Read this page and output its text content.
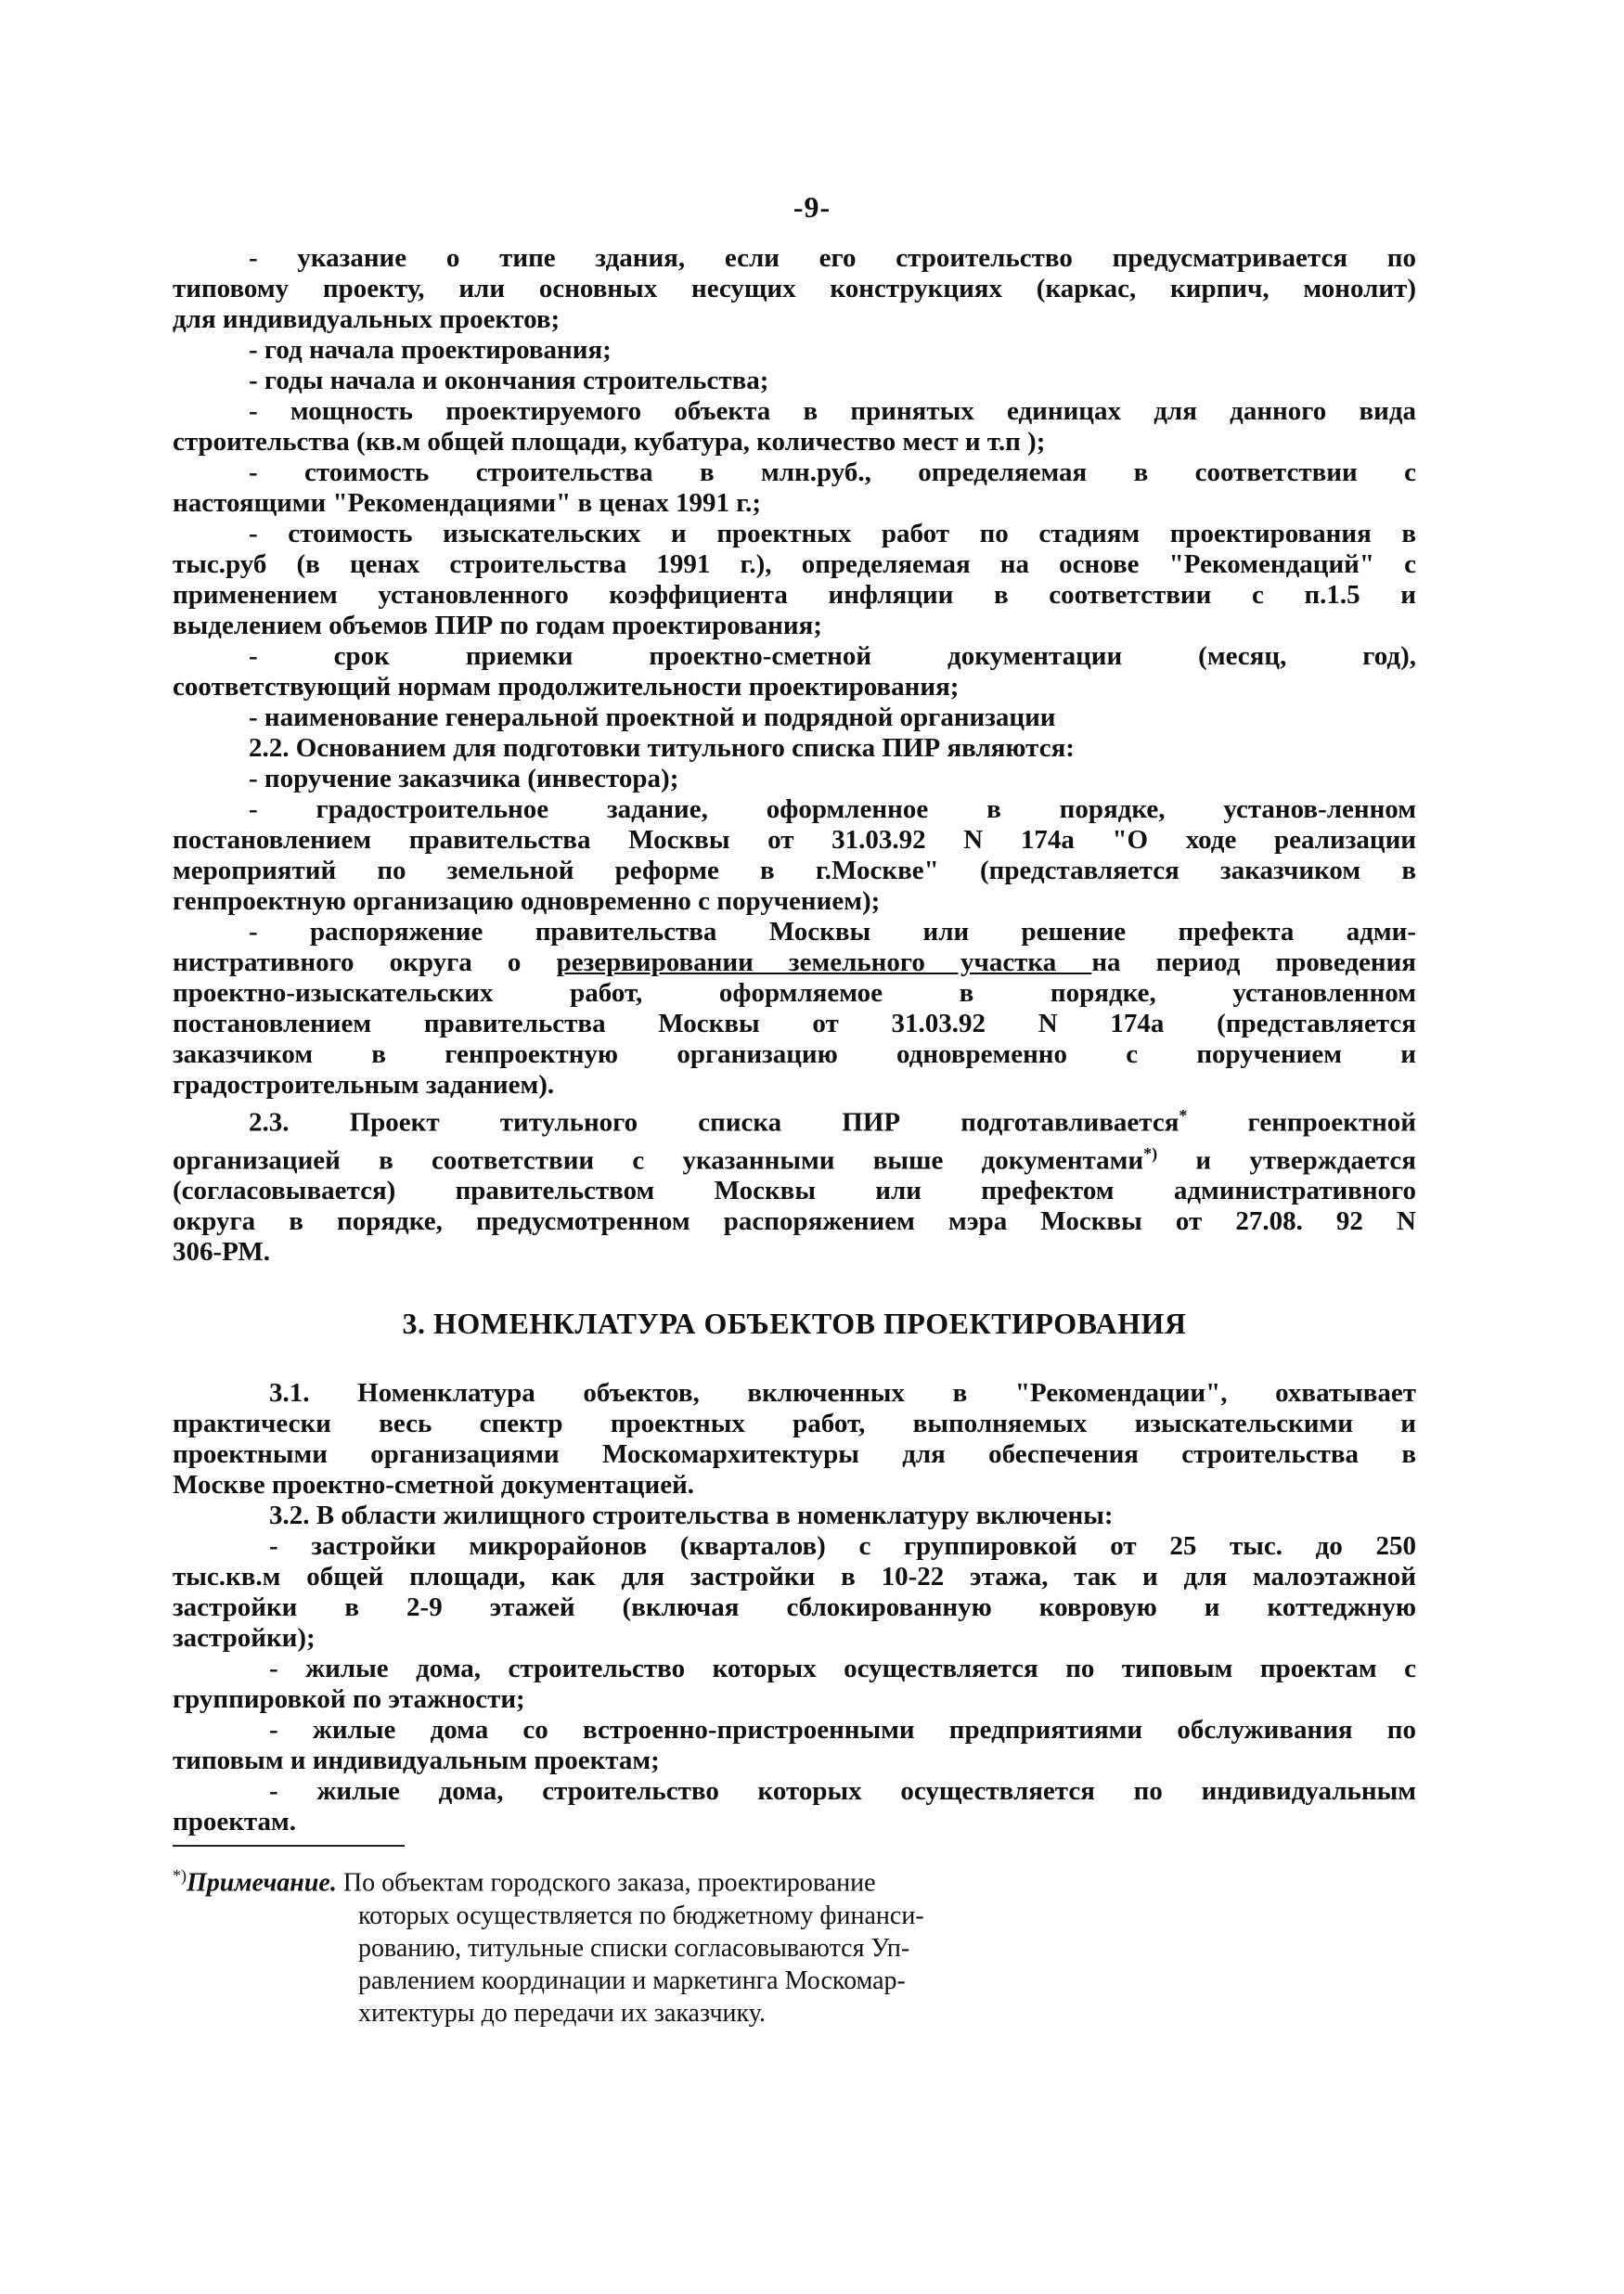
-9-

- указание о типе здания, если его строительство предусматривается по

типовому проекту, или основных несущих конструкциях (каркас, кирпич, монолит)

для индивидуальных проектов;

- год начала проектирования;

- годы начала и окончания строительства;

- мощность проектируемого объекта в принятых единицах для данного вида

строительства (кв.м общей площади, кубатура, количество мест и т.п );

- стоимость строительства в млн.руб., определяемая в соответствии с

настоящими "Рекомендациями" в ценах 1991 г.;

- стоимость изыскательских и проектных работ по стадиям проектирования в

тыс.руб (в ценах строительства 1991 г.), определяемая на основе "Рекомендаций" с

применением установленного коэффициента инфляции в соответствии с п.1.5 и

выделением объемов ПИР по годам проектирования;

- срок приемки проектно-сметной документации (месяц, год),

соответствующий нормам продолжительности проектирования;

- наименование генеральной проектной и подрядной организации

2.2. Основанием для подготовки титульного списка ПИР являются:

- поручение заказчика (инвестора);

- градостроительное задание, оформленное в порядке, установ-ленном

постановлением правительства Москвы от 31.03.92 N 174а "О ходе реализации

мероприятий по земельной реформе в г.Москве" (представляется заказчиком в

генпроектную организацию одновременно с поручением);

- распоряжение правительства Москвы или решение префекта адми-

нистративного округа о резервировании земельного участка на период проведения

проектно-изыскательских работ, оформляемое в порядке, установленном

постановлением правительства Москвы от 31.03.92 N 174а (представляется

заказчиком в генпроектную организацию одновременно с поручением и

градостроительным заданием).

2.3. Проект титульного списка ПИР подготавливается* генпроектной

организацией в соответствии с указанными выше документами*) и утверждается

(согласовывается) правительством Москвы или префектом административного

округа в порядке, предусмотренном распоряжением мэра Москвы от 27.08. 92 N

306-РМ.

3. НОМЕНКЛАТУРА ОБЪЕКТОВ ПРОЕКТИРОВАНИЯ

3.1. Номенклатура объектов, включенных в "Рекомендации", охватывает

практически весь спектр проектных работ, выполняемых изыскательскими и

проектными организациями Москомархитектуры для обеспечения строительства в

Москве проектно-сметной документацией.

3.2. В области жилищного строительства в номенклатуру включены:

- застройки микрорайонов (кварталов) с группировкой от 25 тыс. до 250

тыс.кв.м общей площади, как для застройки в 10-22 этажа, так и для малоэтажной

застройки в 2-9 этажей (включая сблокированную ковровую и коттеджную

застройки);

- жилые дома, строительство которых осуществляется по типовым проектам с

группировкой по этажности;

- жилые дома со встроенно-пристроенными предприятиями обслуживания по

типовым и индивидуальным проектам;

- жилые дома, строительство которых осуществляется по индивидуальным

проектам.

*)Примечание. По объектам городского заказа, проектирование

которых осуществляется по бюджетному финанси-

рованию, титульные списки согласовываются Уп-

равлением координации и маркетинга Москомар-

хитектуры до передачи их заказчику.
